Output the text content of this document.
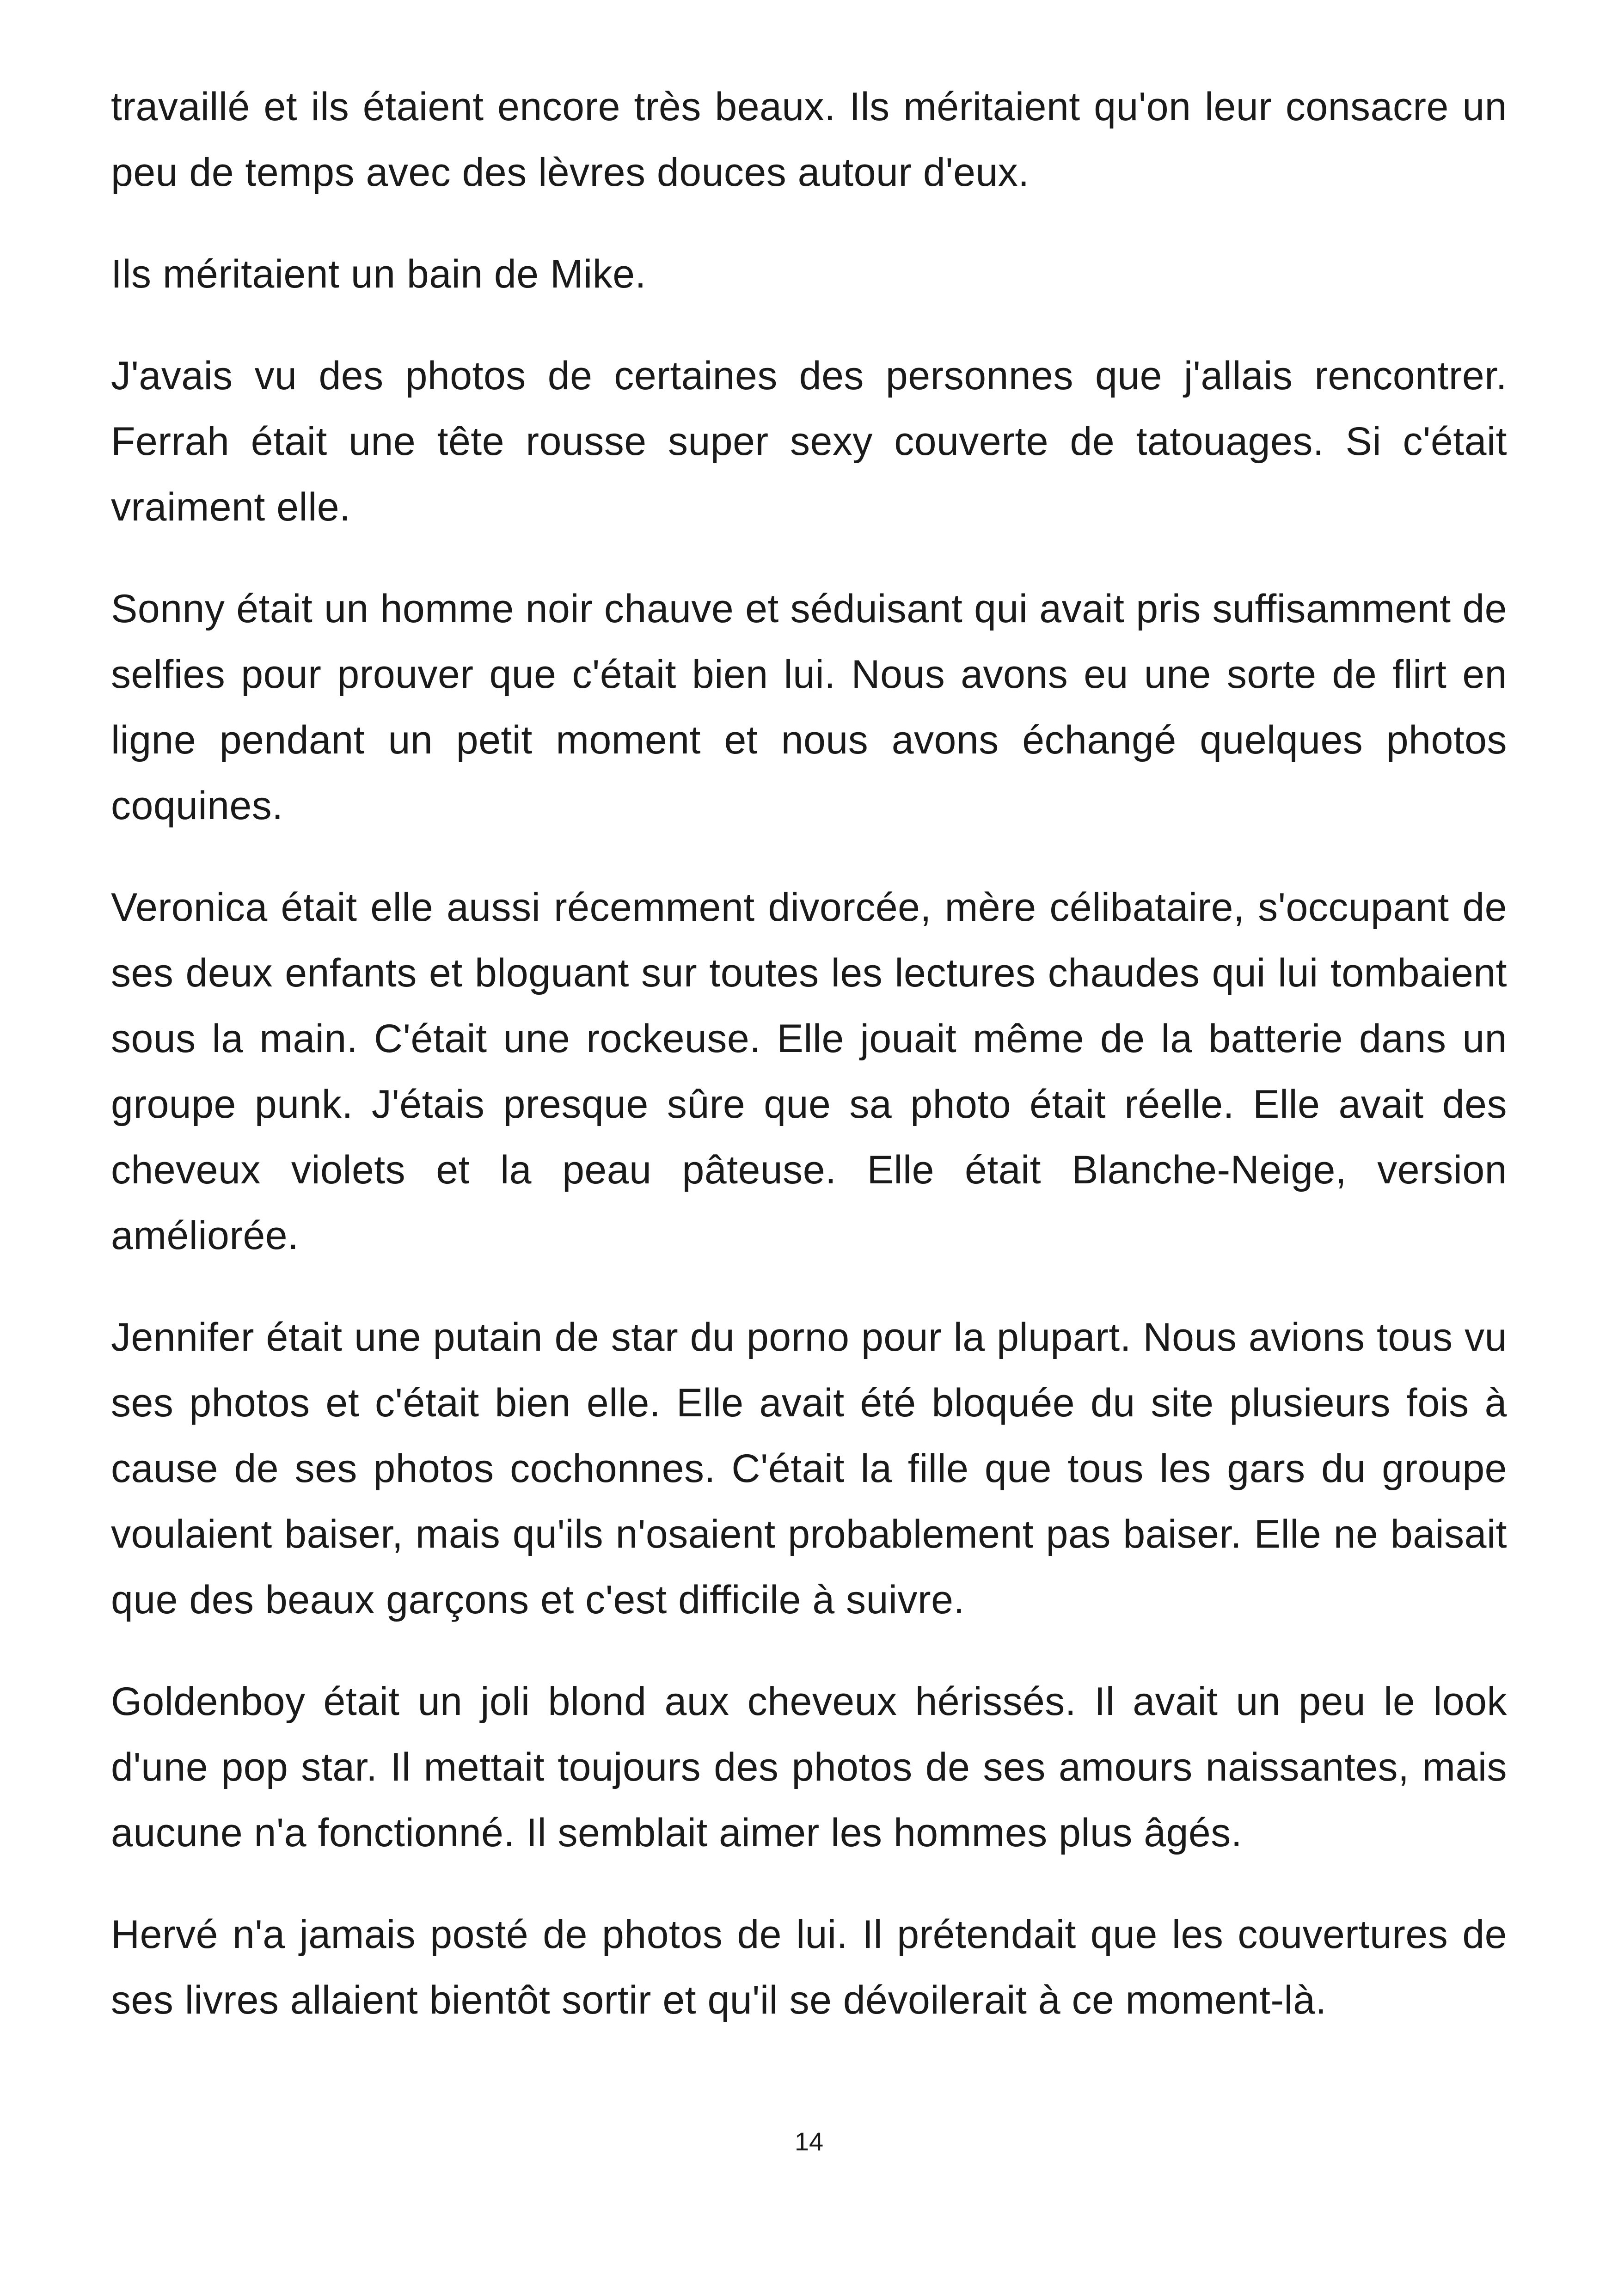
travaillé et ils étaient encore très beaux. Ils méritaient qu'on leur consacre un peu de temps avec des lèvres douces autour d'eux.

Ils méritaient un bain de Mike.

J'avais vu des photos de certaines des personnes que j'allais rencontrer. Ferrah était une tête rousse super sexy couverte de tatouages. Si c'était vraiment elle.

Sonny était un homme noir chauve et séduisant qui avait pris suffisamment de selfies pour prouver que c'était bien lui. Nous avons eu une sorte de flirt en ligne pendant un petit moment et nous avons échangé quelques photos coquines.

Veronica était elle aussi récemment divorcée, mère célibataire, s'occupant de ses deux enfants et bloguant sur toutes les lectures chaudes qui lui tombaient sous la main. C'était une rockeuse. Elle jouait même de la batterie dans un groupe punk. J'étais presque sûre que sa photo était réelle. Elle avait des cheveux violets et la peau pâteuse. Elle était Blanche-Neige, version améliorée.

Jennifer était une putain de star du porno pour la plupart. Nous avions tous vu ses photos et c'était bien elle. Elle avait été bloquée du site plusieurs fois à cause de ses photos cochonnes. C'était la fille que tous les gars du groupe voulaient baiser, mais qu'ils n'osaient probablement pas baiser. Elle ne baisait que des beaux garçons et c'est difficile à suivre.

Goldenboy était un joli blond aux cheveux hérissés. Il avait un peu le look d'une pop star. Il mettait toujours des photos de ses amours naissantes, mais aucune n'a fonctionné. Il semblait aimer les hommes plus âgés.

Hervé n'a jamais posté de photos de lui. Il prétendait que les couvertures de ses livres allaient bientôt sortir et qu'il se dévoilerait à ce moment-là.

14
